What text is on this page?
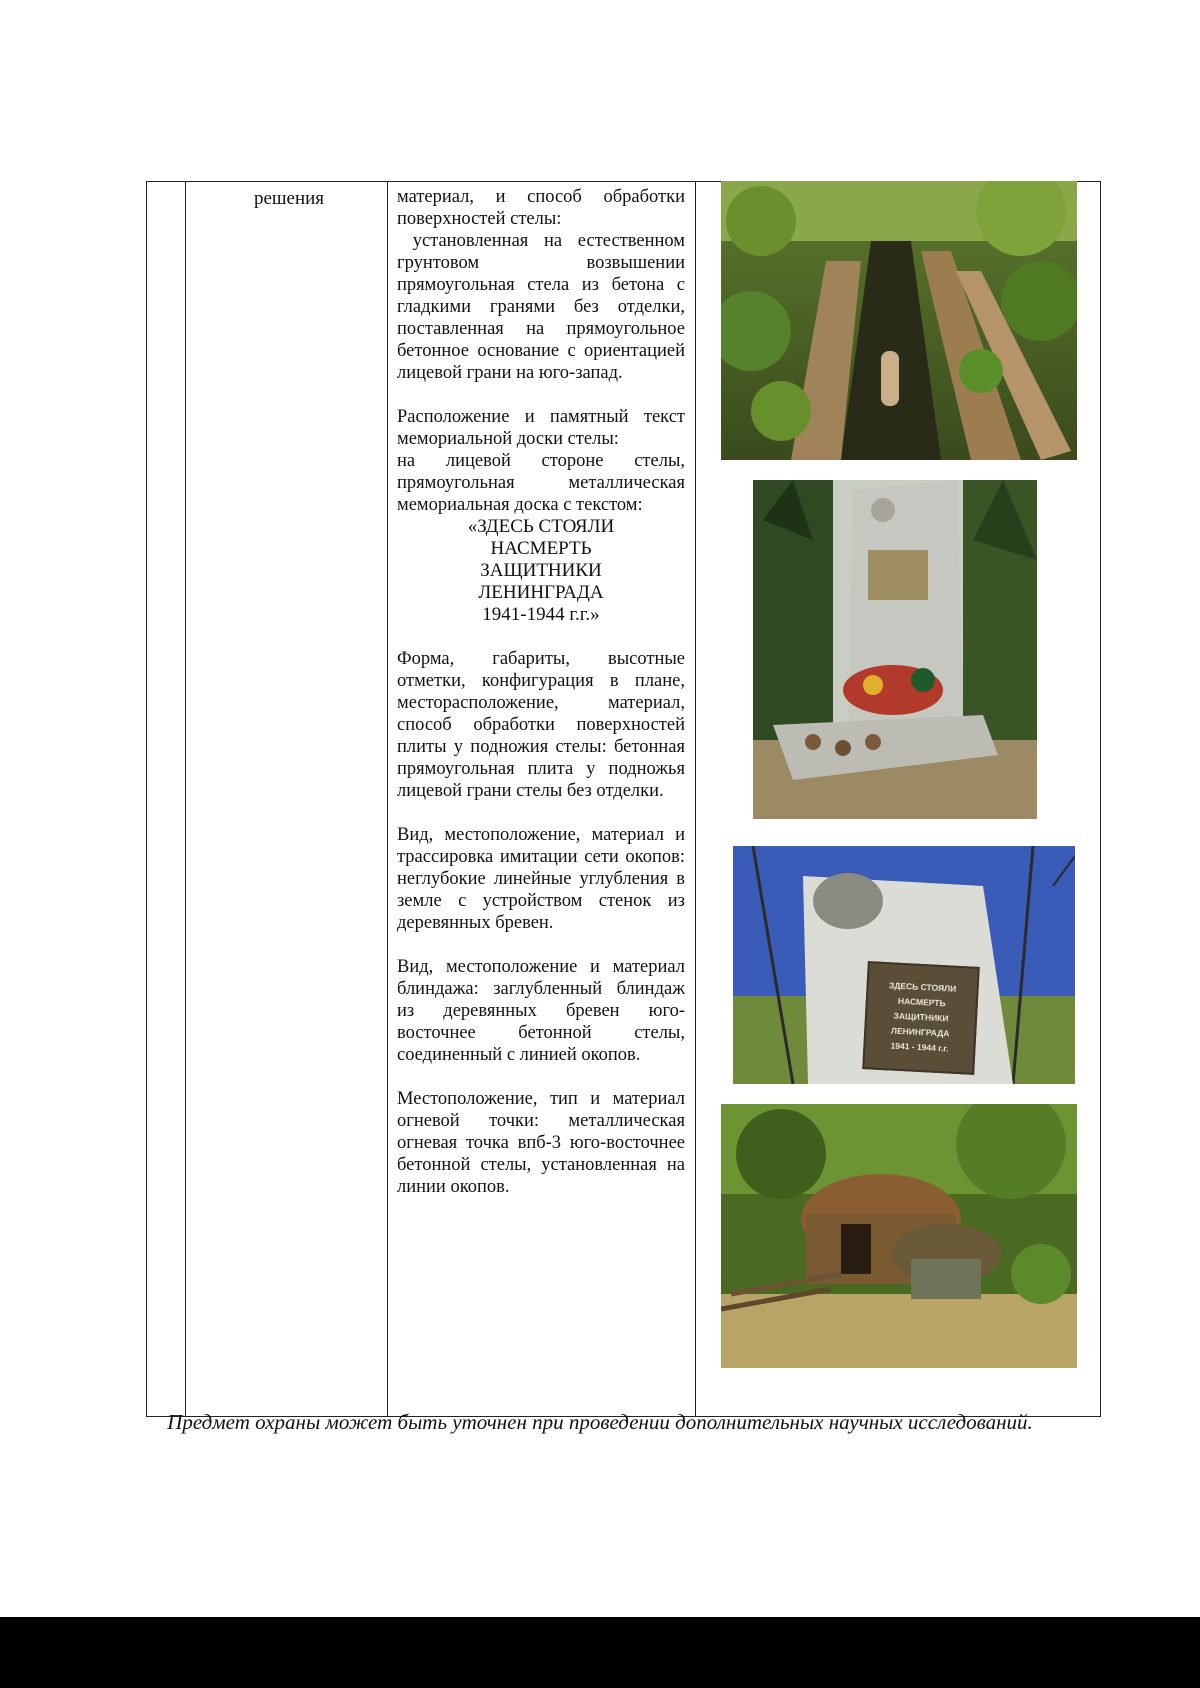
решения	материал, и способ обработки поверхностей стелы:
установленная на естественном грунтовом возвышении прямоугольная стела из бетона с гладкими гранями без отделки, поставленная на прямоугольное бетонное основание с ориентацией лицевой грани на юго-запад.

Расположение и памятный текст мемориальной доски стелы:
на лицевой стороне стелы, прямоугольная металлическая мемориальная доска с текстом:

«ЗДЕСЬ СТОЯЛИ
НАСМЕРТЬ
ЗАЩИТНИКИ
ЛЕНИНГРАДА
1941-1944 г.г.»

Форма, габариты, высотные отметки, конфигурация в плане, месторасположение, материал, способ обработки поверхностей плиты у подножия стелы: бетонная прямоугольная плита у подножья лицевой грани стелы без отделки.

Вид, местоположение, материал и трассировка имитации сети окопов: неглубокие линейные углубления в земле с устройством стенок из деревянных бревен.

Вид, местоположение и материал блиндажа: заглубленный блиндаж из деревянных бревен юго-восточнее бетонной стелы, соединенный с линией окопов.

Местоположение, тип и материал огневой точки: металлическая огневая точка впб-3 юго-восточнее бетонной стелы, установленная на линии окопов.

ЗДЕСЬ СТОЯЛИ
НАСМЕРТЬ
ЗАЩИТНИКИ
ЛЕНИНГРАДА
1941 - 1944 г.г.
Предмет охраны может быть уточнен при проведении дополнительных научных исследований.
